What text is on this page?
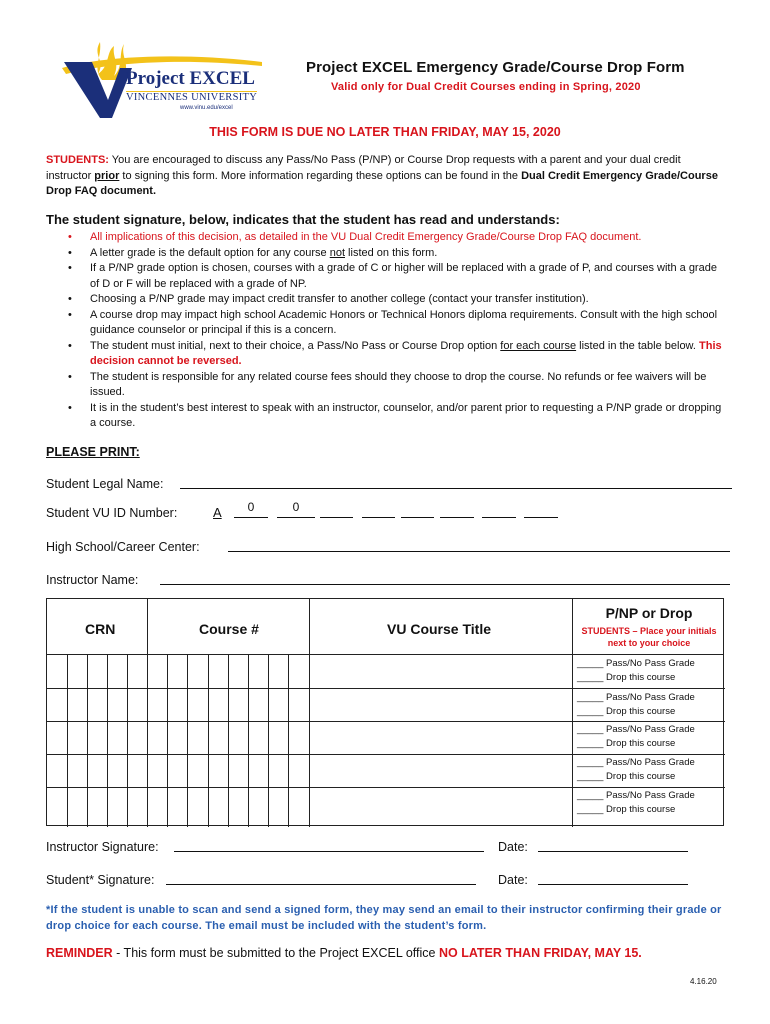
Project EXCEL
VINCENNES UNIVERSITY
www.vinu.edu/excel
Project EXCEL Emergency Grade/Course Drop Form
Valid only for Dual Credit Courses ending in Spring, 2020
THIS FORM IS DUE NO LATER THAN FRIDAY, MAY 15, 2020
STUDENTS: You are encouraged to discuss any Pass/No Pass (P/NP) or Course Drop requests with a parent and your dual credit instructor prior to signing this form. More information regarding these options can be found in the Dual Credit Emergency Grade/Course Drop FAQ document.
The student signature, below, indicates that the student has read and understands:
• All implications of this decision, as detailed in the VU Dual Credit Emergency Grade/Course Drop FAQ document.
• A letter grade is the default option for any course not listed on this form.
• If a P/NP grade option is chosen, courses with a grade of C or higher will be replaced with a grade of P, and courses with a grade of D or F will be replaced with a grade of NP.
• Choosing a P/NP grade may impact credit transfer to another college (contact your transfer institution).
• A course drop may impact high school Academic Honors or Technical Honors diploma requirements. Consult with the high school guidance counselor or principal if this is a concern.
• The student must initial, next to their choice, a Pass/No Pass or Course Drop option for each course listed in the table below. This decision cannot be reversed.
• The student is responsible for any related course fees should they choose to drop the course. No refunds or fee waivers will be issued.
• It is in the student’s best interest to speak with an instructor, counselor, and/or parent prior to requesting a P/NP grade or dropping a course.
PLEASE PRINT:
Student Legal Name:
Student VU ID Number:	A	0	0
High School/Career Center:
Instructor Name:
CRN	Course #	VU Course Title
P/NP or Drop
STUDENTS – Place your initials next to your choice
_____ Pass/No Pass Grade
_____ Drop this course
_____ Pass/No Pass Grade
_____ Drop this course
_____ Pass/No Pass Grade
_____ Drop this course
_____ Pass/No Pass Grade
_____ Drop this course
_____ Pass/No Pass Grade
_____ Drop this course
Instructor Signature:	Date:
Student* Signature:	Date:
*If the student is unable to scan and send a signed form, they may send an email to their instructor confirming their grade or drop choice for each course. The email must be included with the student’s form.
REMINDER - This form must be submitted to the Project EXCEL office NO LATER THAN FRIDAY, MAY 15.
4.16.20
